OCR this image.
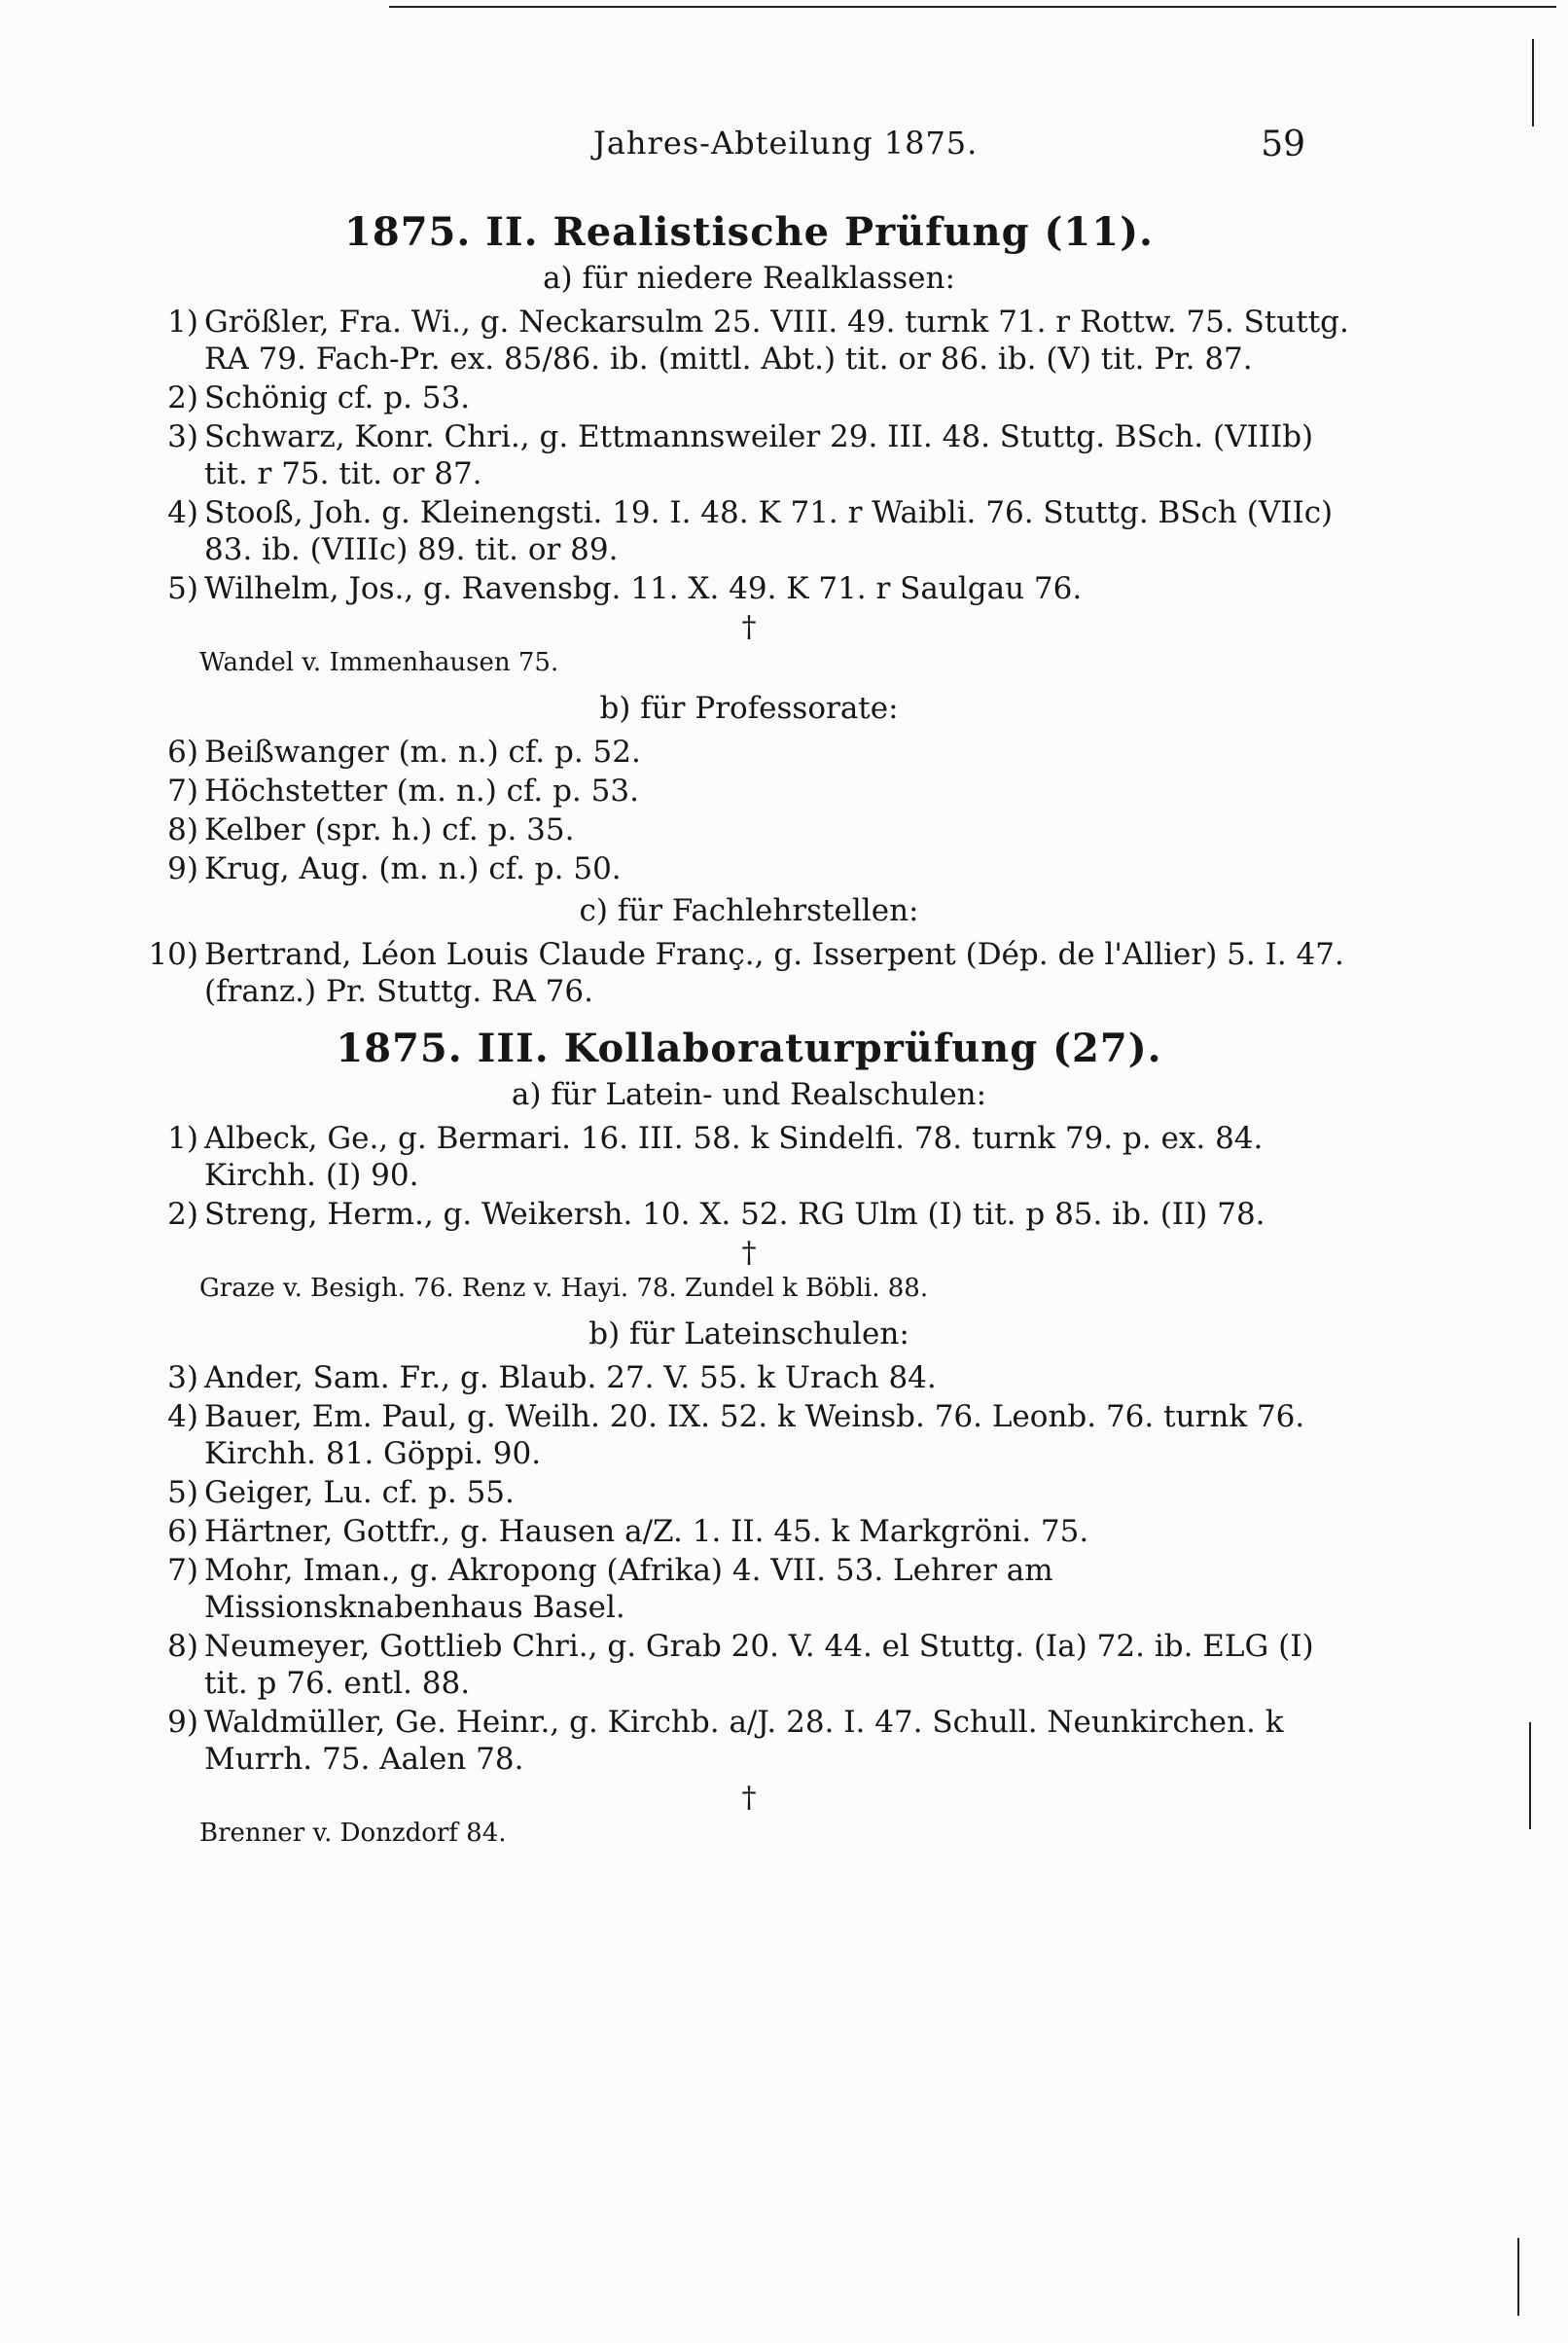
Jahres-Abteilung 1875.	59
1875. II. Realistische Prüfung (11).
a) für niedere Realklassen:
1) Größler, Fra. Wi., g. Neckarsulm 25. VIII. 49. turnk 71. r Rottw. 75. Stuttg. RA 79. Fach-Pr. ex. 85/86. ib. (mittl. Abt.) tit. or 86. ib. (V) tit. Pr. 87.
2) Schönig cf. p. 53.
3) Schwarz, Konr. Chri., g. Ettmannsweiler 29. III. 48. Stuttg. BSch. (VIIIb) tit. r 75. tit. or 87.
4) Stooß, Joh. g. Kleinengsti. 19. I. 48. K 71. r Waibli. 76. Stuttg. BSch (VIIc) 83. ib. (VIIIc) 89. tit. or 89.
5) Wilhelm, Jos., g. Ravensbg. 11. X. 49. K 71. r Saulgau 76.
†
Wandel v. Immenhausen 75.
b) für Professorate:
6) Beißwanger (m. n.) cf. p. 52.
7) Höchstetter (m. n.) cf. p. 53.
8) Kelber (spr. h.) cf. p. 35.
9) Krug, Aug. (m. n.) cf. p. 50.
c) für Fachlehrstellen:
10) Bertrand, Léon Louis Claude Franç., g. Isserpent (Dép. de l'Allier) 5. I. 47. (franz.) Pr. Stuttg. RA 76.
1875. III. Kollaboraturprüfung (27).
a) für Latein- und Realschulen:
1) Albeck, Ge., g. Bermari. 16. III. 58. k Sindelfi. 78. turnk 79. p. ex. 84. Kirchh. (I) 90.
2) Streng, Herm., g. Weikersh. 10. X. 52. RG Ulm (I) tit. p 85. ib. (II) 78.
†
Graze v. Besigh. 76. Renz v. Hayi. 78. Zundel k Böbli. 88.
b) für Lateinschulen:
3) Ander, Sam. Fr., g. Blaub. 27. V. 55. k Urach 84.
4) Bauer, Em. Paul, g. Weilh. 20. IX. 52. k Weinsb. 76. Leonb. 76. turnk 76. Kirchh. 81. Göppi. 90.
5) Geiger, Lu. cf. p. 55.
6) Härtner, Gottfr., g. Hausen a/Z. 1. II. 45. k Markgröni. 75.
7) Mohr, Iman., g. Akropong (Afrika) 4. VII. 53. Lehrer am Missionsknabenhaus Basel.
8) Neumeyer, Gottlieb Chri., g. Grab 20. V. 44. el Stuttg. (Ia) 72. ib. ELG (I) tit. p 76. entl. 88.
9) Waldmüller, Ge. Heinr., g. Kirchb. a/J. 28. I. 47. Schull. Neunkirchen. k Murrh. 75. Aalen 78.
†
Brenner v. Donzdorf 84.
